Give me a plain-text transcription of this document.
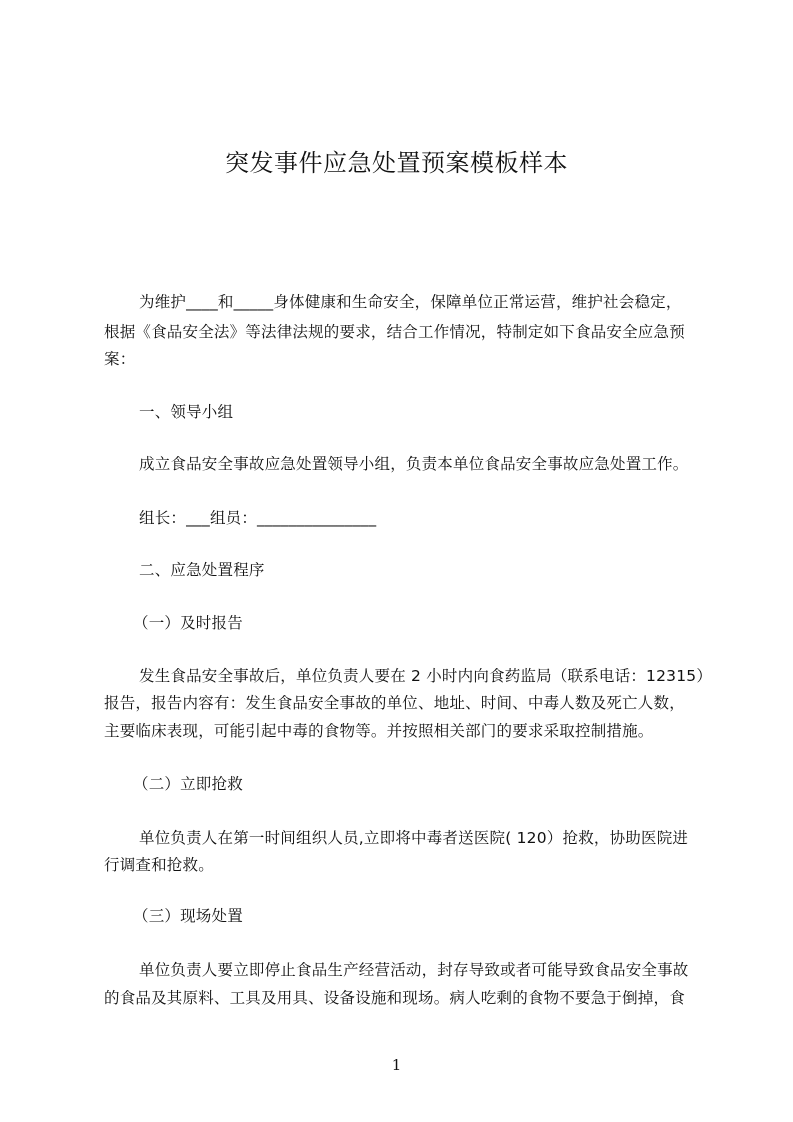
突发事件应急处置预案模板样本
为维护____和_____身体健康和生命安全，保障单位正常运营，维护社会稳定，
根据《食品安全法》等法律法规的要求，结合工作情况，特制定如下食品安全应急预
案：
一、领导小组
成立食品安全事故应急处置领导小组，负责本单位食品安全事故应急处置工作。
组长：___组员：_______________
二、应急处置程序
（一）及时报告
发生食品安全事故后，单位负责人要在 2 小时内向食药监局（联系电话：12315）
报告，报告内容有：发生食品安全事故的单位、地址、时间、中毒人数及死亡人数，
主要临床表现，可能引起中毒的食物等。并按照相关部门的要求采取控制措施。
（二）立即抢救
单位负责人在第一时间组织人员,立即将中毒者送医院( 120）抢救，协助医院进
行调查和抢救。
（三）现场处置
单位负责人要立即停止食品生产经营活动，封存导致或者可能导致食品安全事故
的食品及其原料、工具及用具、设备设施和现场。病人吃剩的食物不要急于倒掉，食
1
